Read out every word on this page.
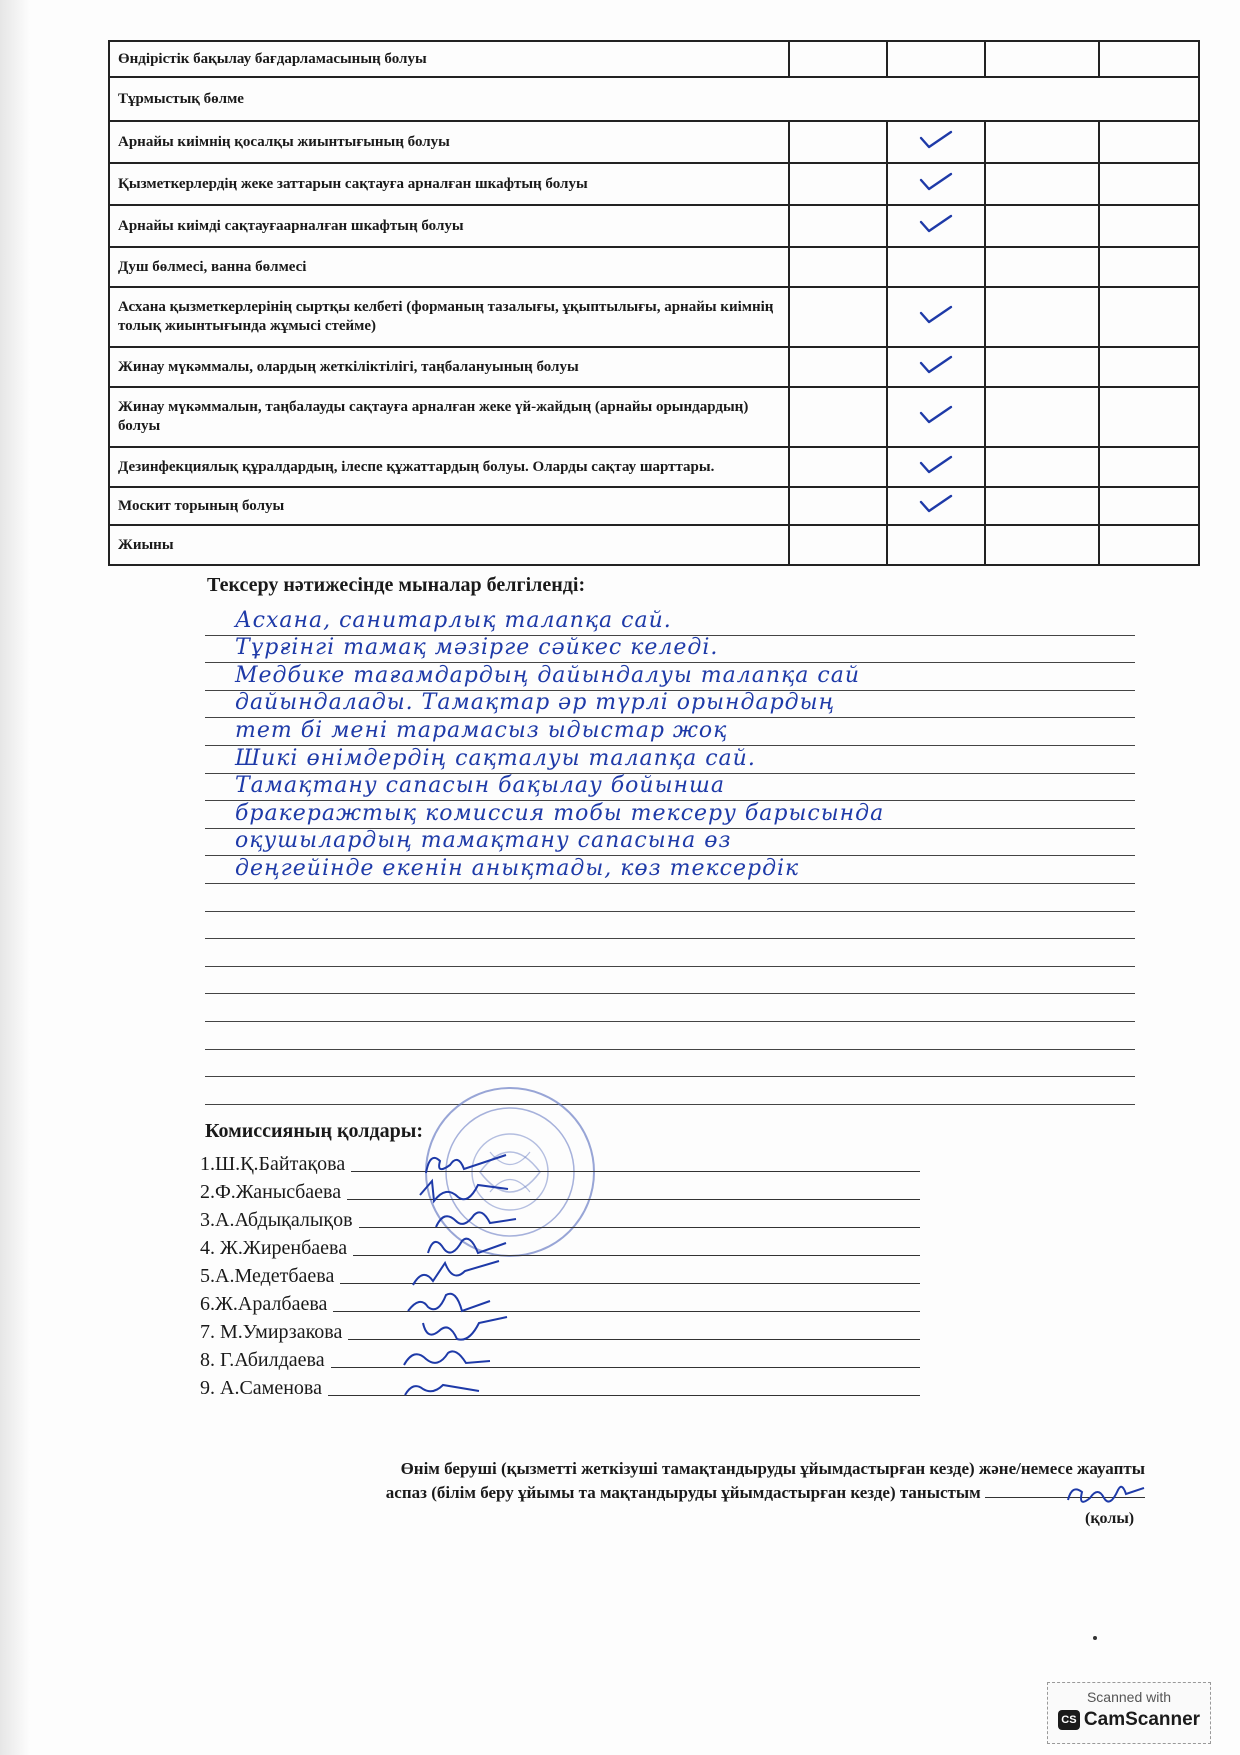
Өндірістік бақылау бағдарламасының болуы				
Тұрмыстық бөлме				
Арнайы киімнің қосалқы жиынтығының болуы		

Қызметкерлердің жеке заттарын сақтауға арналған шкафтың болуы		

Арнайы киімді сақтауғаарналған шкафтың болуы		

Душ бөлмесі, ванна бөлмесі				
Асхана қызметкерлерінің сыртқы келбеті (форманың тазалығы, ұқыптылығы, арнайы киімнің толық жиынтығында жұмысі стейме)		

Жинау мүкәммалы, олардың жеткіліктілігі, таңбалануының болуы		

Жинау мүкәммалын, таңбалауды сақтауға арналған жеке үй-жайдың (арнайы орындардың) болуы		

Дезинфекциялық құралдардың, ілеспе құжаттардың болуы. Оларды сақтау шарттары.		

Москит торының болуы		

Жиыны				
Тексеру нәтижесінде мыналар белгіленді:
Асхана, санитарлық талапқа сай.
Тұрғінгі тамақ мәзірге сәйкес келеді.
Медбике тағамдардың дайындалуы талапқа сай
дайындалады. Тамақтар әр түрлі орындардың
тет бі мені тарамасыз ыдыстар жоқ
Шикі өнімдердің сақталуы талапқа сай.
Тамақтану сапасын бақылау бойынша
бракеражтық комиссия тобы тексеру барысында
оқушылардың тамақтану сапасына өз
деңгейінде екенін анықтады, көз тексердік
Комиссияның қолдары:
1.Ш.Қ.Байтақова
2.Ф.Жаныcбаева
3.А.Абдықалықов
4. Ж.Жиренбаева
5.А.Медетбаева
6.Ж.Аралбаева
7. М.Умирзакова
8. Г.Абилдаева
9. А.Саменова
Өнім беруші (қызметті жеткізуші тамақтандыруды ұйымдастырған кезде) және/немесе жауапты
аспаз (білім беру ұйымы та мақтандыруды ұйымдастырған кезде) таныстым
(қолы)
Scanned with
CS CamScanner
